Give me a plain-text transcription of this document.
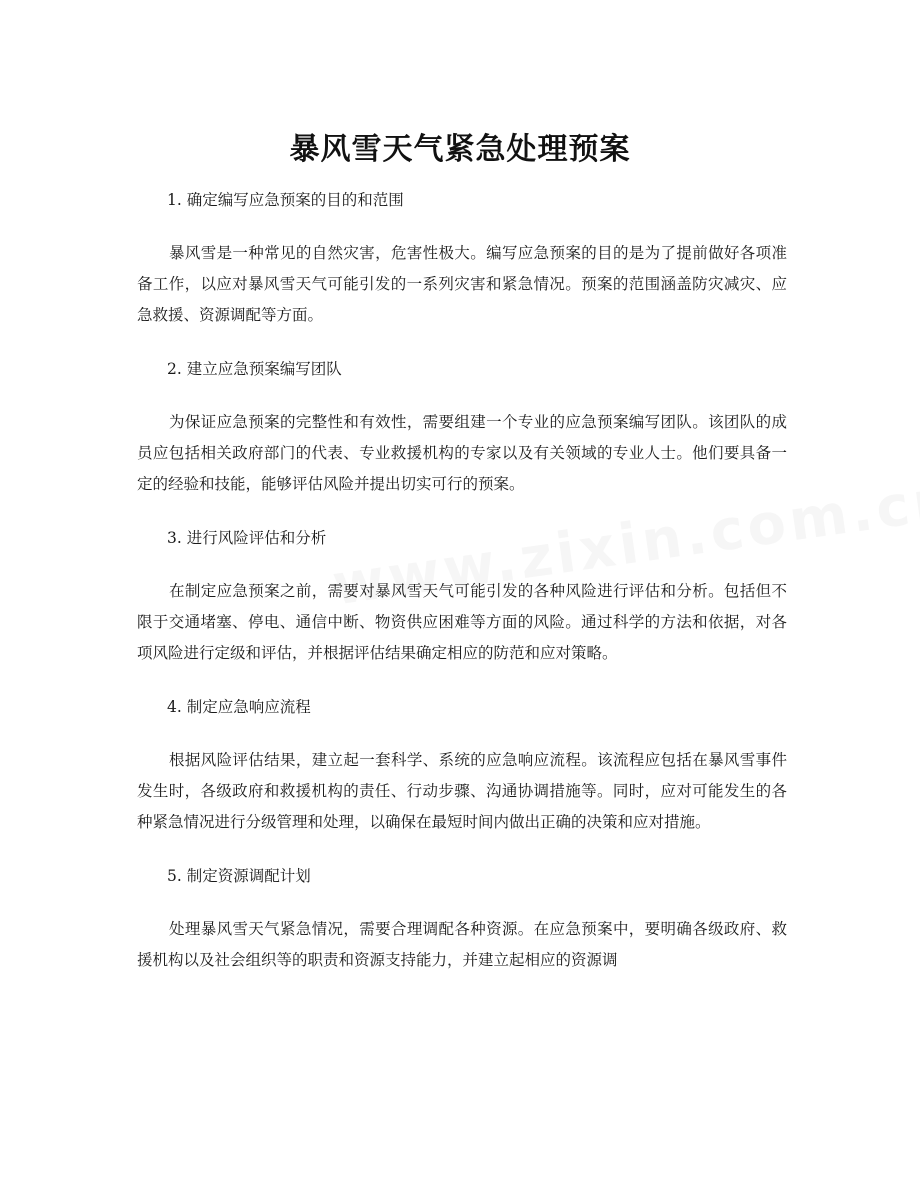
暴风雪天气紧急处理预案
1. 确定编写应急预案的目的和范围

暴风雪是一种常见的自然灾害，危害性极大。编写应急预案的目的是为了提前做好各项准备工作，以应对暴风雪天气可能引发的一系列灾害和紧急情况。预案的范围涵盖防灾减灾、应急救援、资源调配等方面。

2. 建立应急预案编写团队

为保证应急预案的完整性和有效性，需要组建一个专业的应急预案编写团队。该团队的成员应包括相关政府部门的代表、专业救援机构的专家以及有关领域的专业人士。他们要具备一定的经验和技能，能够评估风险并提出切实可行的预案。

3. 进行风险评估和分析

在制定应急预案之前，需要对暴风雪天气可能引发的各种风险进行评估和分析。包括但不限于交通堵塞、停电、通信中断、物资供应困难等方面的风险。通过科学的方法和依据，对各项风险进行定级和评估，并根据评估结果确定相应的防范和应对策略。

4. 制定应急响应流程

根据风险评估结果，建立起一套科学、系统的应急响应流程。该流程应包括在暴风雪事件发生时，各级政府和救援机构的责任、行动步骤、沟通协调措施等。同时，应对可能发生的各种紧急情况进行分级管理和处理，以确保在最短时间内做出正确的决策和应对措施。

5. 制定资源调配计划

处理暴风雪天气紧急情况，需要合理调配各种资源。在应急预案中，要明确各级政府、救援机构以及社会组织等的职责和资源支持能力，并建立起相应的资源调
